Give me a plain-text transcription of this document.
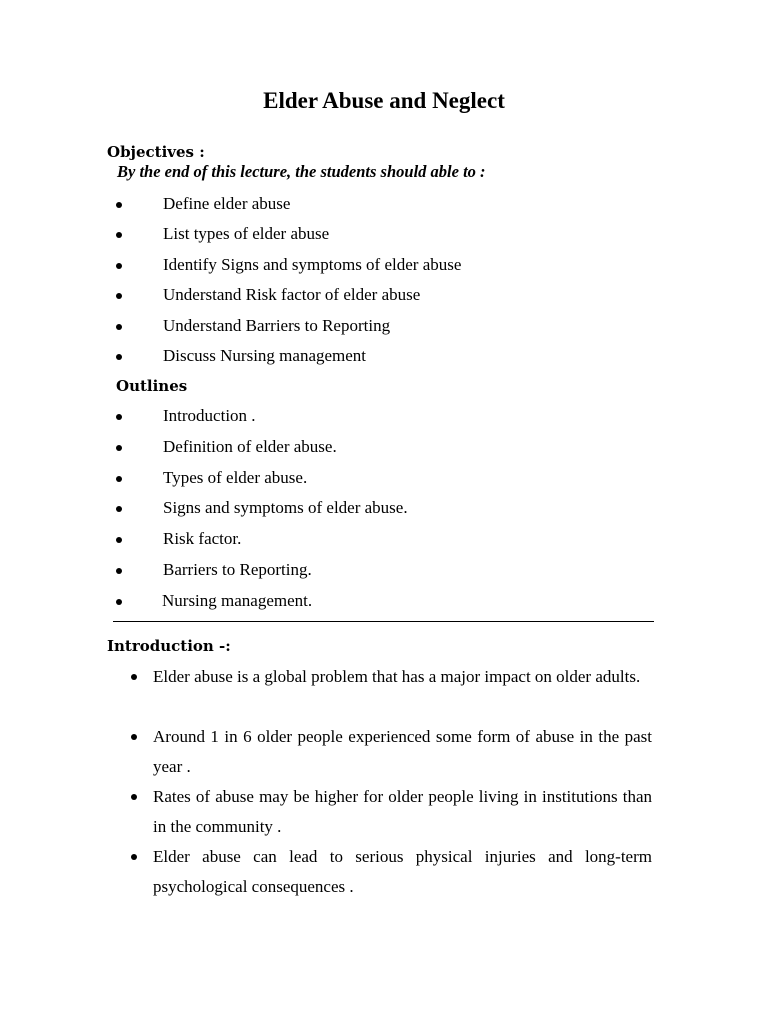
Elder Abuse and Neglect
Objectives :
By the end of this lecture, the students should able to :
Define elder abuse
List types of elder abuse
Identify Signs and symptoms of elder abuse
Understand Risk factor of elder abuse
Understand Barriers to Reporting
Discuss Nursing management
Outlines
Introduction .
Definition of elder abuse.
Types of elder abuse.
Signs and symptoms of elder abuse.
Risk factor.
Barriers to Reporting.
Nursing management.
Introduction -:
Elder abuse is a global problem that has a major impact on older adults.
Around 1 in 6 older people experienced some form of abuse in the past year .
Rates of abuse may be higher for older people living in institutions than in the community .
Elder abuse can lead to serious physical injuries and long-term psychological consequences .
